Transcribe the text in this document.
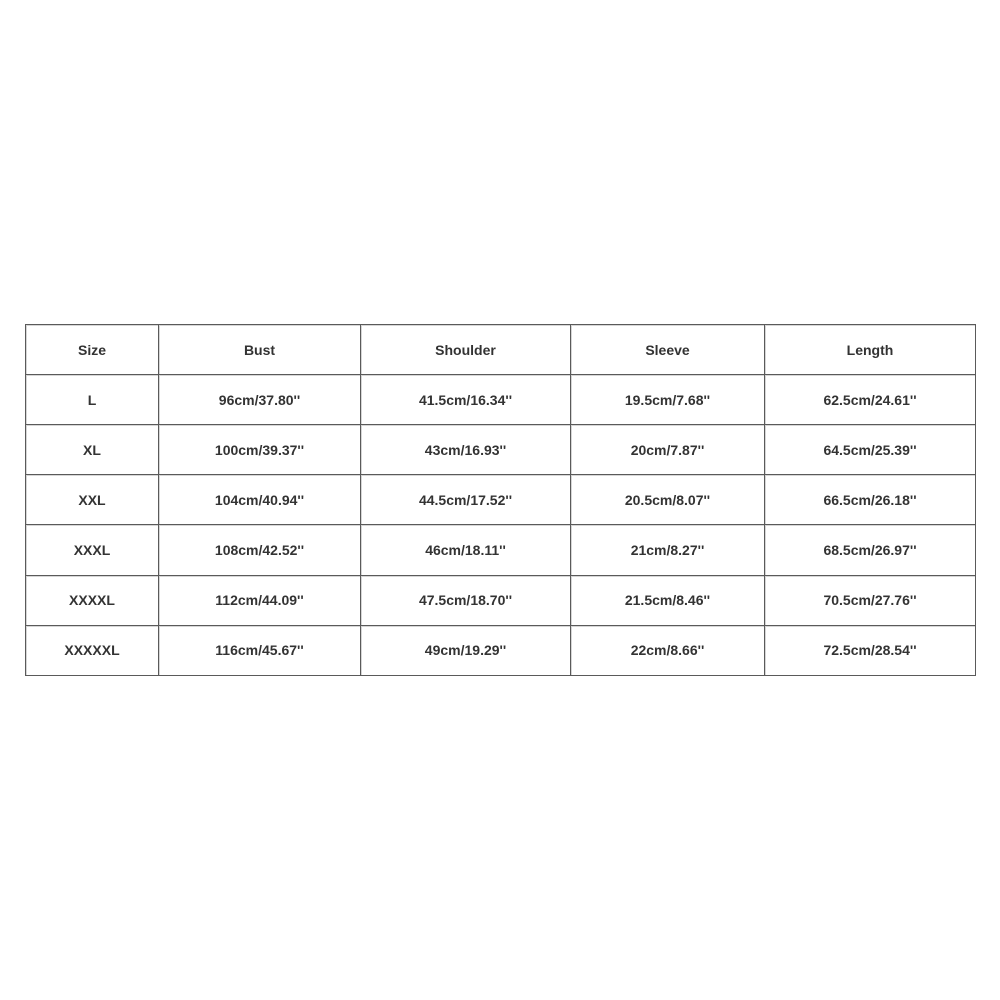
Size	Bust	Shoulder	Sleeve	Length
L	96cm/37.80''	41.5cm/16.34''	19.5cm/7.68''	62.5cm/24.61''
XL	100cm/39.37''	43cm/16.93''	20cm/7.87''	64.5cm/25.39''
XXL	104cm/40.94''	44.5cm/17.52''	20.5cm/8.07''	66.5cm/26.18''
XXXL	108cm/42.52''	46cm/18.11''	21cm/8.27''	68.5cm/26.97''
XXXXL	112cm/44.09''	47.5cm/18.70''	21.5cm/8.46''	70.5cm/27.76''
XXXXXL	116cm/45.67''	49cm/19.29''	22cm/8.66''	72.5cm/28.54''
